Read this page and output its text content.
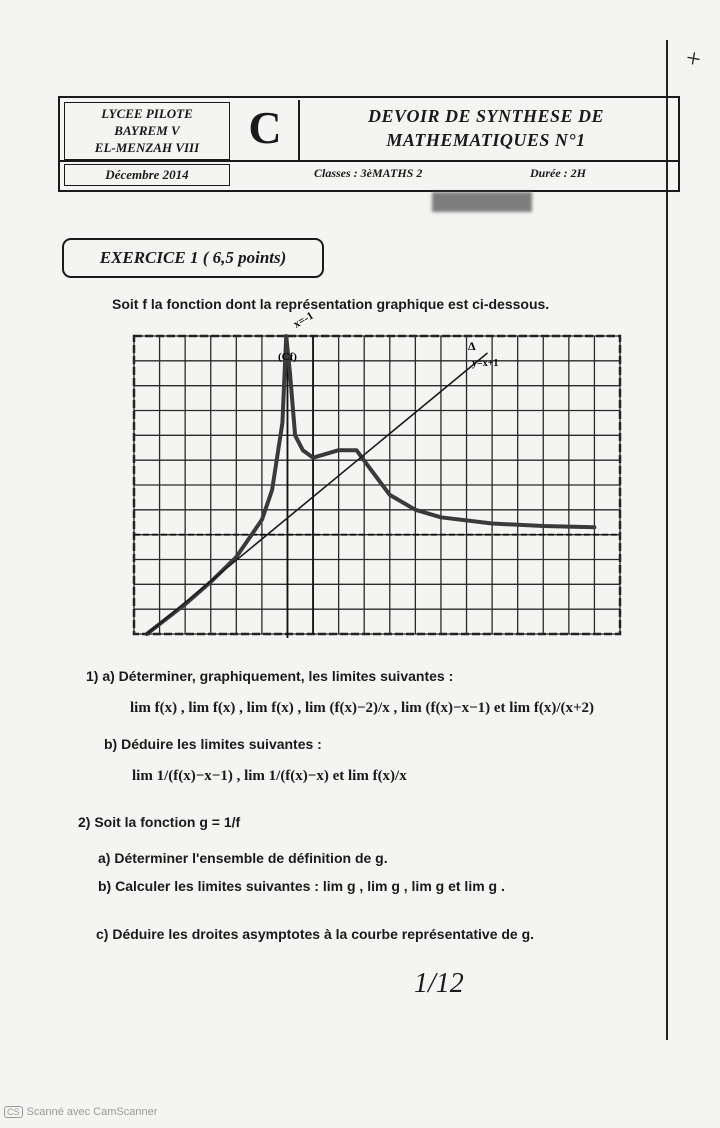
+
LYCEE PILOTE
BAYREM V
EL-MENZAH VIII	C	DEVOIR DE SYNTHESE DE
MATHEMATIQUES N°1
Décembre 2014	Classes : 3èMATHS 2	Durée : 2H
EXERCICE 1 ( 6,5 points)
Soit f la fonction dont la représentation graphique est ci-dessous.
(Cf)
x=-1
Δ
y=x+1
1) a) Déterminer, graphiquement, les limites suivantes :
lim f(x) , lim f(x) , lim f(x) , lim (f(x)−2)/x , lim (f(x)−x−1) et lim f(x)/(x+2)
b) Déduire les limites suivantes :
lim 1/(f(x)−x−1) , lim 1/(f(x)−x) et lim f(x)/x
2) Soit la fonction g = 1/f
a) Déterminer l'ensemble de définition de g.
b) Calculer les limites suivantes : lim g , lim g , lim g et lim g .
c) Déduire les droites asymptotes à la courbe représentative de g.
1/12
CS Scanné avec CamScanner
